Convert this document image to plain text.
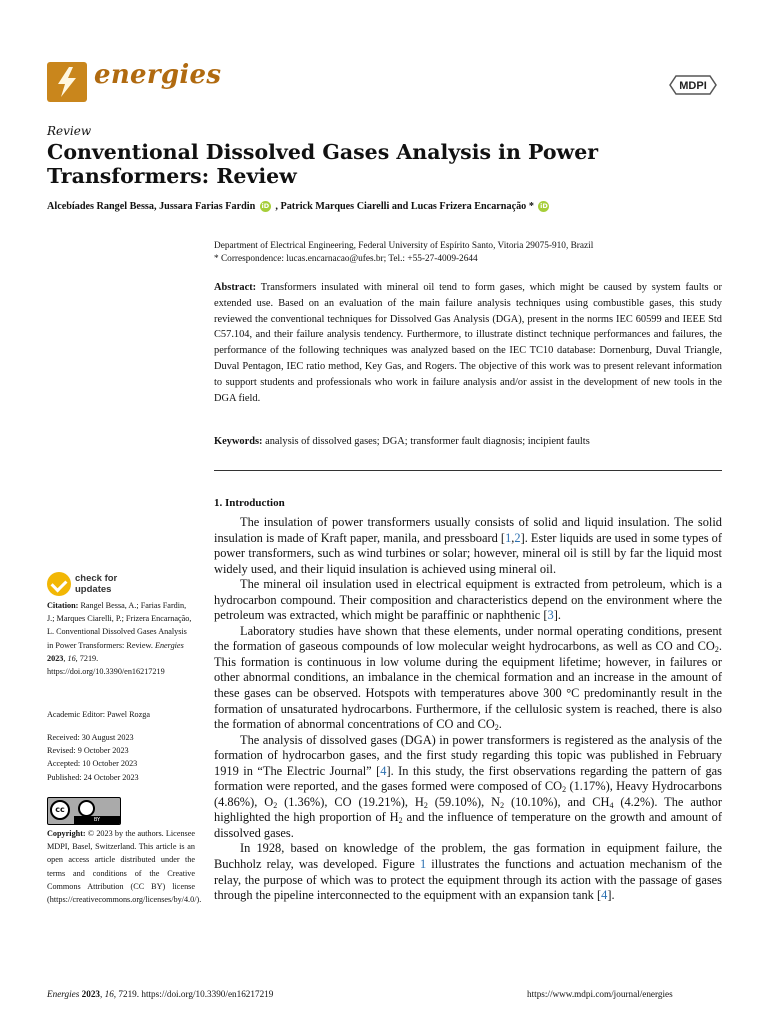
energies	MDPI
Review
Conventional Dissolved Gases Analysis in Power Transformers: Review
Alcebíades Rangel Bessa, Jussara Farias Fardin iD , Patrick Marques Ciarelli and Lucas Frizera Encarnação * iD
Department of Electrical Engineering, Federal University of Espírito Santo, Vitoria 29075-910, Brazil
* Correspondence: lucas.encarnacao@ufes.br; Tel.: +55-27-4009-2644

Abstract: Transformers insulated with mineral oil tend to form gases, which might be caused by system faults or extended use. Based on an evaluation of the main failure analysis techniques using combustible gases, this study reviewed the conventional techniques for Dissolved Gas Analysis (DGA), present in the norms IEC 60599 and IEEE Std C57.104, and their failure analysis tendency. Furthermore, to illustrate distinct technique performances and failures, the performance of the following techniques was analyzed based on the IEC TC10 database: Dornenburg, Duval Triangle, Duval Pentagon, IEC ratio method, Key Gas, and Rogers. The objective of this work was to present relevant information to support students and professionals who work in failure analysis and/or assist in the development of new tools in the DGA field.

Keywords: analysis of dissolved gases; DGA; transformer fault diagnosis; incipient faults
1. Introduction

The insulation of power transformers usually consists of solid and liquid insulation. The solid insulation is made of Kraft paper, manila, and pressboard [1,2]. Ester liquids are used in some types of power transformers, such as wind turbines or solar; however, mineral oil is still by far the liquid most widely used, and their liquid insulation is achieved using mineral oil.

The mineral oil insulation used in electrical equipment is extracted from petroleum, which is a hydrocarbon compound. Their composition and characteristics depend on the environment where the petroleum was extracted, which might be paraffinic or naphthenic [3].

Laboratory studies have shown that these elements, under normal operating conditions, present the formation of gaseous compounds of low molecular weight hydrocarbons, as well as CO and $CO_2$. This formation is continuous in low volume during the equipment lifetime; however, in failures or other abnormal conditions, an imbalance in the chemical formation and an increase in the amount of these gases can be observed. Hotspots with temperatures above 300 °C predominantly result in the formation of unsaturated hydrocarbons. Furthermore, if the cellulosic system is reached, there is also the formation of abnormal concentrations of CO and $CO_2$.

The analysis of dissolved gases (DGA) in power transformers is registered as the analysis of the formation of hydrocarbon gases, and the first study regarding this topic was published in February 1919 in “The Electric Journal” [4]. In this study, the first observations regarding the pattern of gas formation were reported, and the gases formed were composed of $CO_2$ (1.17%), Heavy Hydrocarbons (4.86%), $O_2$ (1.36%), CO (19.21%), $H_2$ (59.10%), $N_2$ (10.10%), and $CH_4$ (4.2%). The author highlighted the high proportion of $H_2$ and the influence of temperature on the growth and amount of dissolved gases.

In 1928, based on knowledge of the problem, the gas formation in equipment failure, the Buchholz relay, was developed. Figure 1 illustrates the functions and actuation mechanism of the relay, the purpose of which was to protect the equipment through its action with the passage of gases through the pipeline interconnected to the equipment with an expansion tank [4].

check for
updates
Citation: Rangel Bessa, A.; Farias Fardin, J.; Marques Ciarelli, P.; Frizera Encarnação, L. Conventional Dissolved Gases Analysis in Power Transformers: Review. Energies 2023, 16, 7219. https://doi.org/10.3390/en16217219
Academic Editor: Pawel Rozga
Received: 30 August 2023
Revised: 9 October 2023
Accepted: 10 October 2023
Published: 24 October 2023
cc
BY
Copyright: © 2023 by the authors. Licensee MDPI, Basel, Switzerland. This article is an open access article distributed under the terms and conditions of the Creative Commons Attribution (CC BY) license (https://creativecommons.org/licenses/by/4.0/).
Energies 2023, 16, 7219. https://doi.org/10.3390/en16217219	https://www.mdpi.com/journal/energies
